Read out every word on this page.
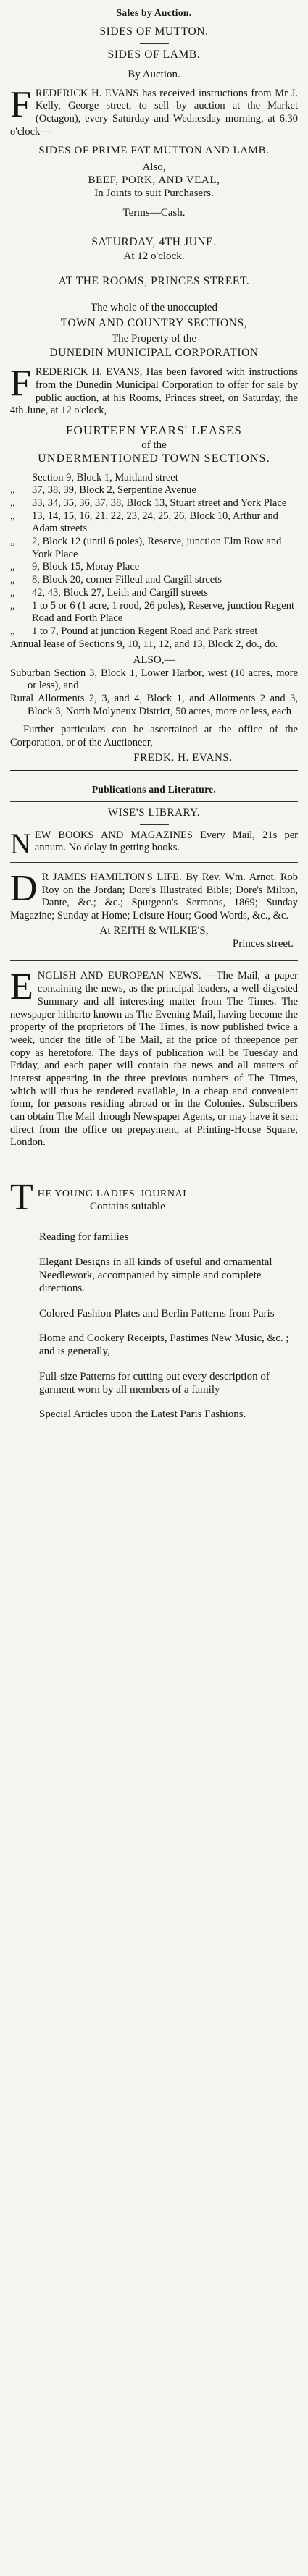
Sales by Auction.
SIDES OF MUTTON.
SIDES OF LAMB.
By Auction.

FREDERICK H. EVANS has received instructions from Mr J. Kelly, George street, to sell by auction at the Market (Octagon), every Saturday and Wednesday morning, at 6.30 o'clock—

SIDES OF PRIME FAT MUTTON AND LAMB.
Also,
BEEF, PORK, AND VEAL,
In Joints to suit Purchasers.
Terms—Cash.
SATURDAY, 4TH JUNE.
At 12 o'clock.
AT THE ROOMS, PRINCES STREET.
The whole of the unoccupied
TOWN AND COUNTRY SECTIONS,
The Property of the
DUNEDIN MUNICIPAL CORPORATION

FREDERICK H. EVANS, Has been favored with instructions from the Dunedin Municipal Corporation to offer for sale by public auction, at his Rooms, Princes street, on Saturday, the 4th June, at 12 o'clock,

FOURTEEN YEARS' LEASES
of the
UNDERMENTIONED TOWN SECTIONS.
Section 9, Block 1, Maitland street
„	37, 38, 39, Block 2, Serpentine Avenue
„	33, 34, 35, 36, 37, 38, Block 13, Stuart street and York Place
„	13, 14, 15, 16, 21, 22, 23, 24, 25, 26, Block 10, Arthur and Adam streets
„	2, Block 12 (until 6 poles), Reserve, junction Elm Row and York Place
„	9, Block 15, Moray Place
„	8, Block 20, corner Filleul and Cargill streets
„	42, 43, Block 27, Leith and Cargill streets
„	1 to 5 or 6 (1 acre, 1 rood, 26 poles), Reserve, junction Regent Road and Forth Place
„	1 to 7, Pound at junction Regent Road and Park street

Annual lease of Sections 9, 10, 11, 12, and 13, Block 2, do., do.

ALSO,—

Suburban Section 3, Block 1, Lower Harbor, west (10 acres, more or less), and

Rural Allotments 2, 3, and 4, Block 1, and Allotments 2 and 3, Block 3, North Molyneux District, 50 acres, more or less, each

Further particulars can be ascertained at the office of the Corporation, or of the Auctioneer,

FREDK. H. EVANS.
Publications and Literature.
WISE'S LIBRARY.

NEW BOOKS AND MAGAZINES Every Mail, 21s per annum. No delay in getting books.

D R JAMES HAMILTON'S LIFE. By Rev. Wm. Arnot. Rob Roy on the Jordan; Dore's Illustrated Bible; Dore's Milton, Dante, &c.; &c.; Spurgeon's Sermons, 1869; Sunday Magazine; Sunday at Home; Leisure Hour; Good Words, &c., &c.

At REITH & WILKIE'S,
Princes street.

ENGLISH AND EUROPEAN NEWS. —The Mail, a paper containing the news, as the principal leaders, a well-digested Summary and all interesting matter from The Times. The newspaper hitherto known as The Evening Mail, having become the property of the proprietors of The Times, is now published twice a week, under the title of The Mail, at the price of threepence per copy as heretofore. The days of publication will be Tuesday and Friday, and each paper will contain the news and all matters of interest appearing in the three previous numbers of The Times, which will thus be rendered available, in a cheap and convenient form, for persons residing abroad or in the Colonies. Subscribers can obtain The Mail through Newspaper Agents, or may have it sent direct from the office on prepayment, at Printing-House Square, London.

T HE YOUNG LADIES' JOURNAL
Contains suitable

Reading for families

Elegant Designs in all kinds of useful and ornamental Needlework, accompanied by simple and complete directions.

Colored Fashion Plates and Berlin Patterns from Paris

Home and Cookery Receipts, Pastimes New Music, &c. ; and is generally,

Full-size Patterns for cutting out every description of garment worn by all members of a family

Special Articles upon the Latest Paris Fashions.
